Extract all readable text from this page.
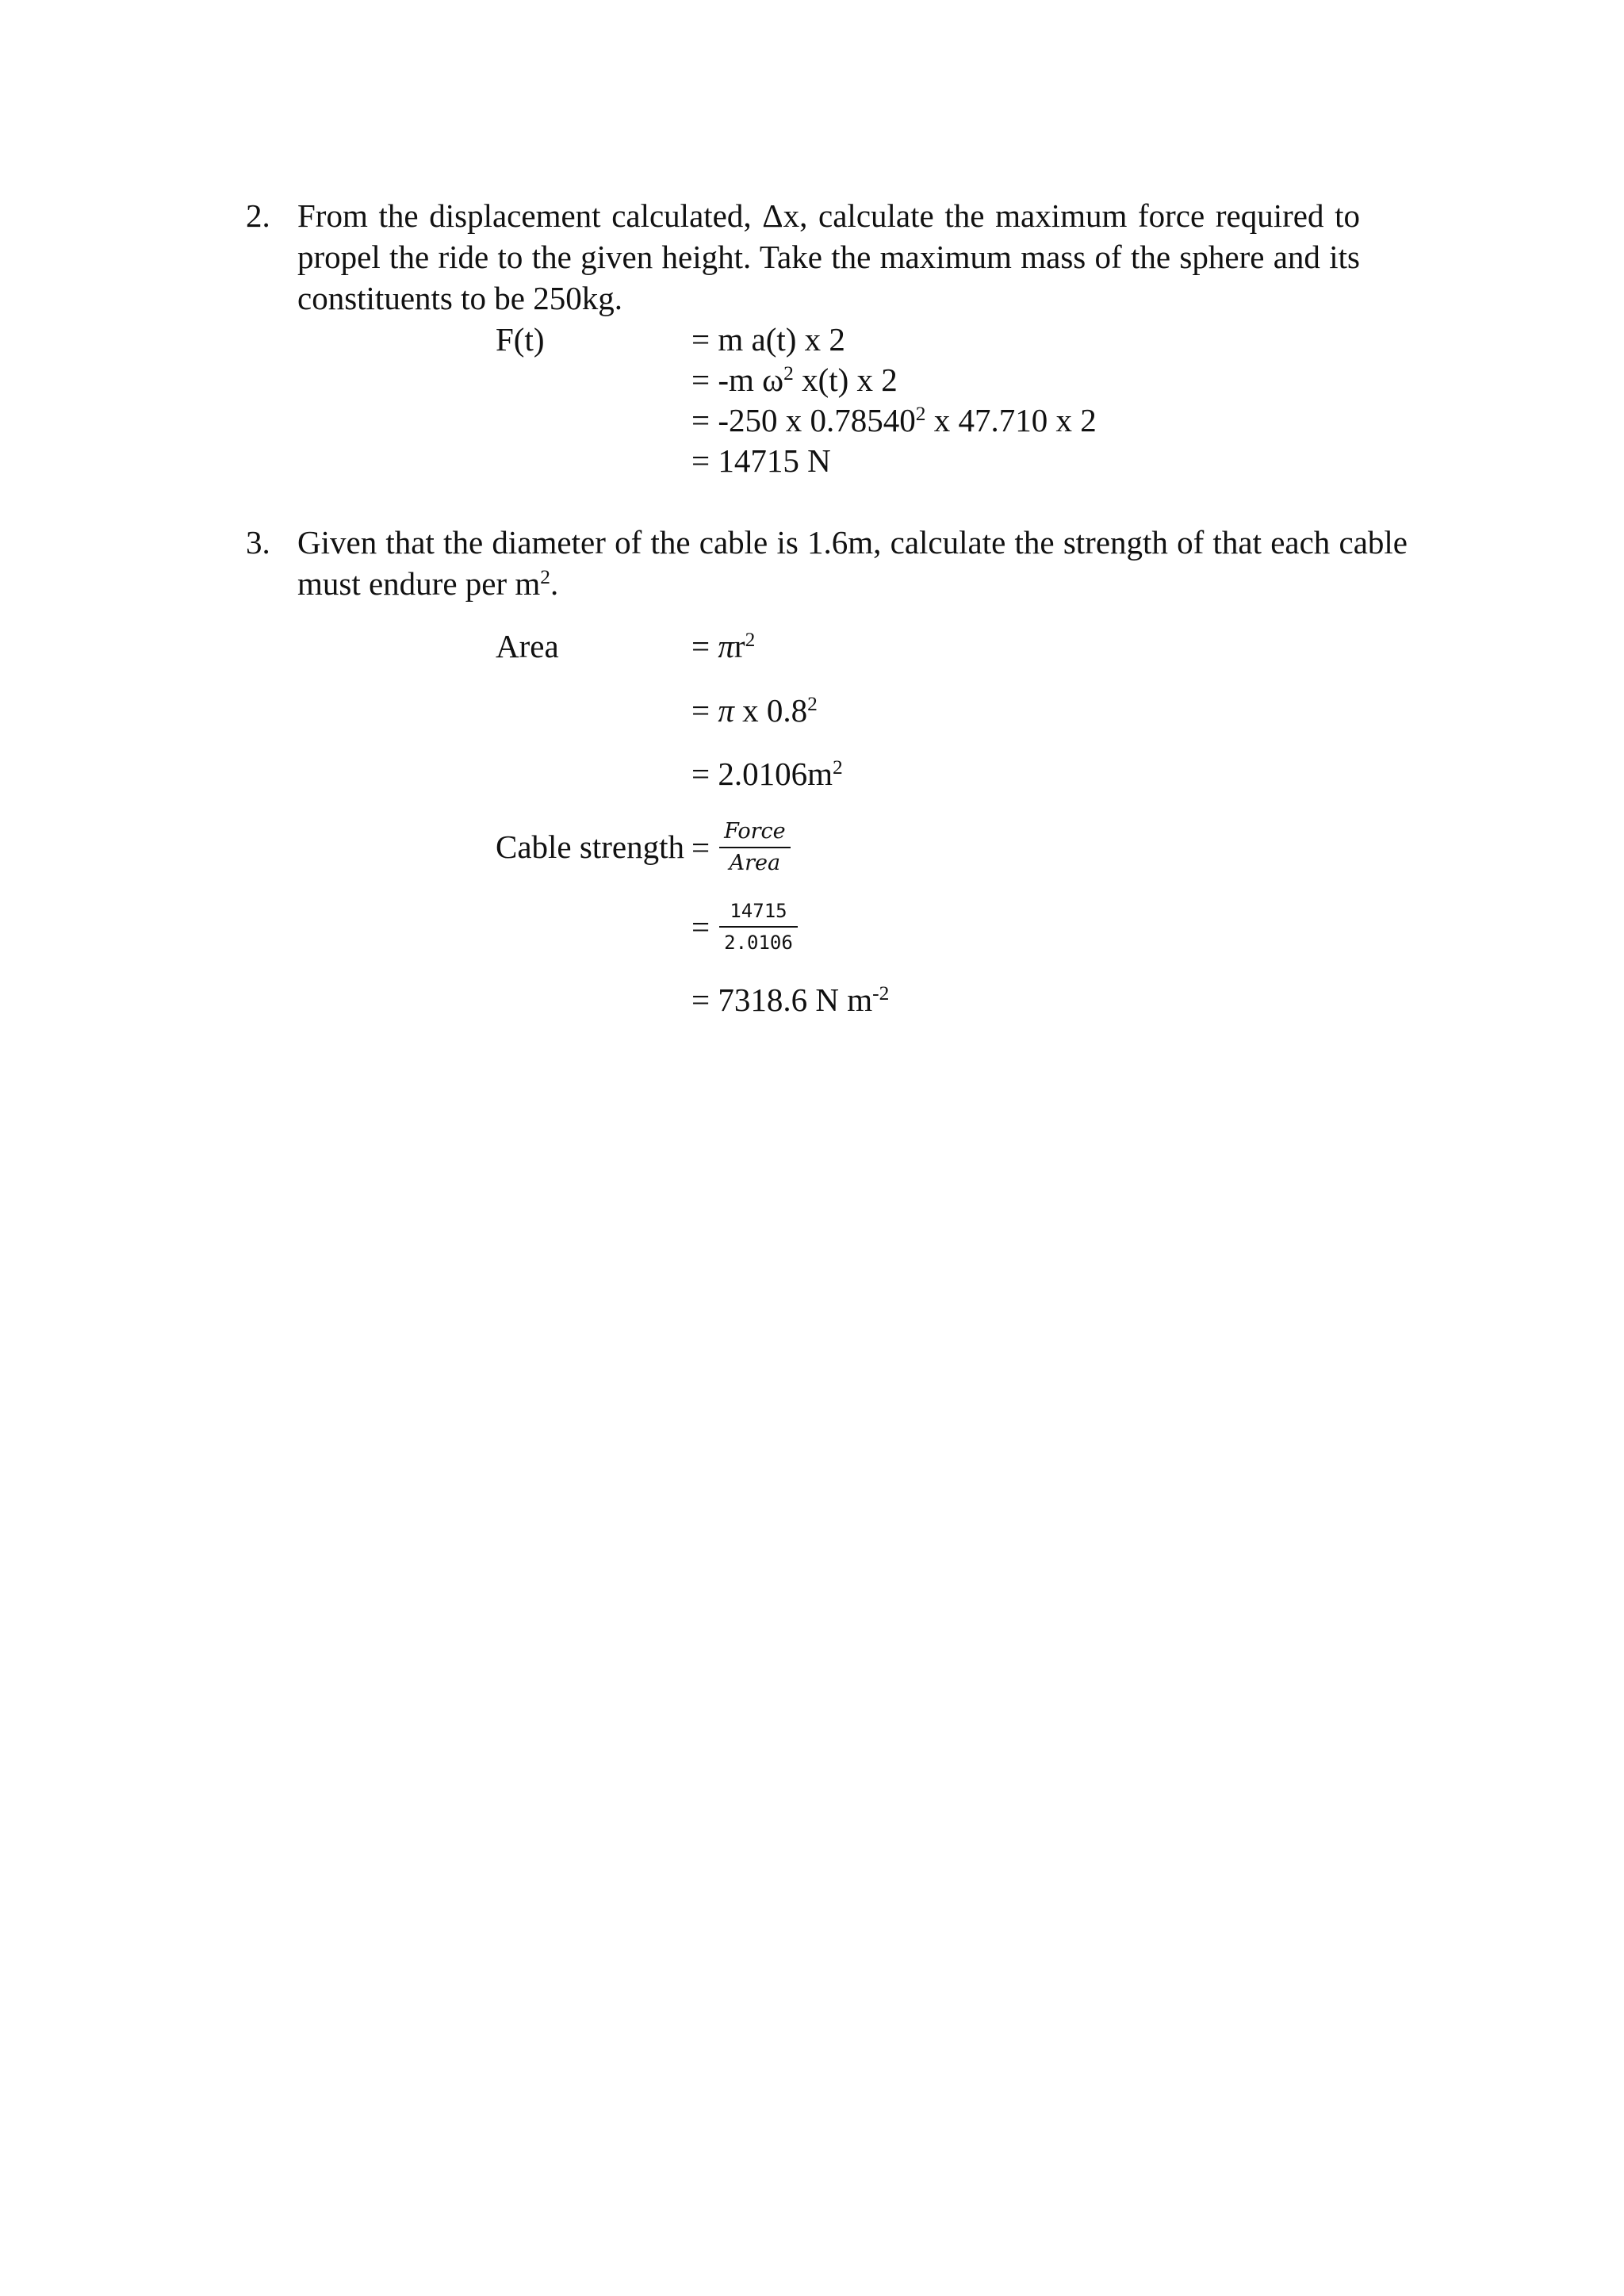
2. From the displacement calculated, Δx, calculate the maximum force required to propel the ride to the given height. Take the maximum mass of the sphere and its constituents to be 250kg.
F(t)	= m a(t) x 2
= -m $\omega^2$ x(t) x 2
= -250 x 0.78540$^2$ x 47.710 x 2
= 14715 N
3. Given that the diameter of the cable is 1.6m, calculate the strength of that each cable must endure per $m^2$.
Area	= $\pi r^2$
= π x $0.8^2$
= $2.0106m^2$
Cable strength = $\frac{\text{Force}}{\text{Area}}$
= $\frac{14715}{2.0106}$
= 7318.6 N $m^{-2}$
